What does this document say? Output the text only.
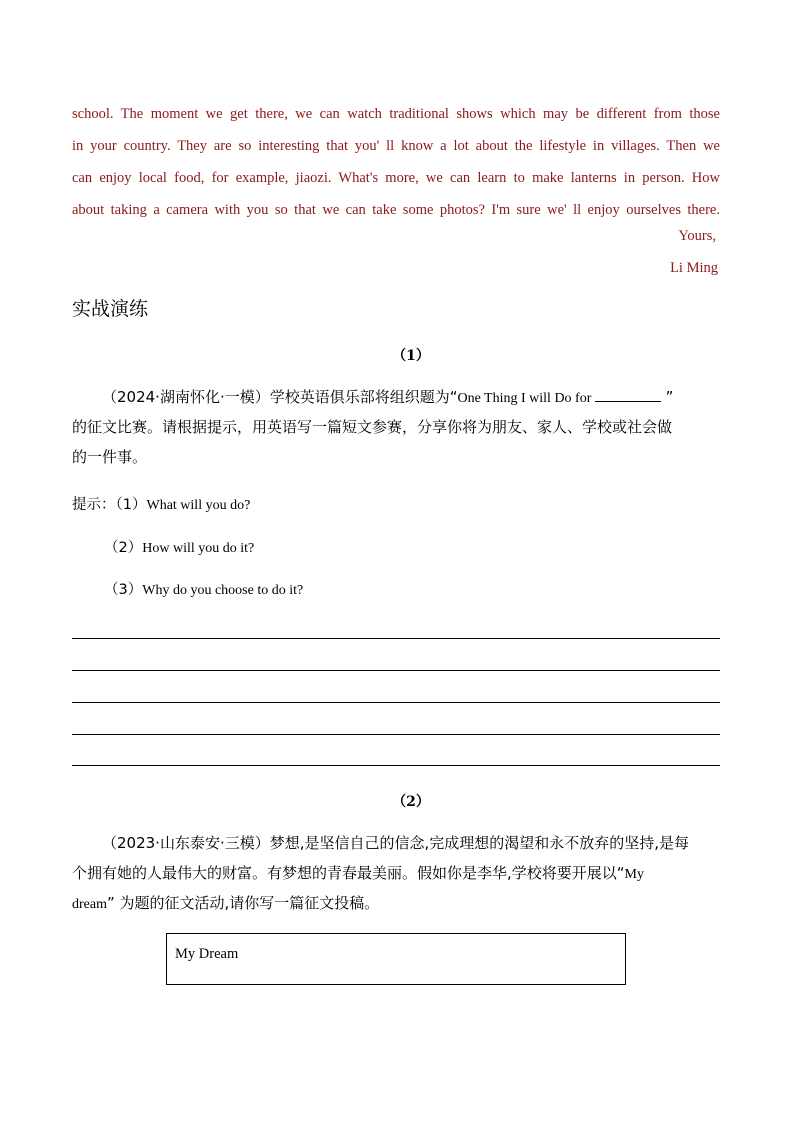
school. The moment we get there, we can watch traditional shows which may be different from those
in your country. They are so interesting that you' ll know a lot about the lifestyle in villages. Then we
can enjoy local food, for example, jiaozi. What's more, we can learn to make lanterns in person. How
about taking a camera with you so that we can take some photos? I'm sure we' ll enjoy ourselves there.
Yours,
Li Ming
实战演练
（1）
（2024·湖南怀化·一模）学校英语俱乐部将组织题为“One Thing I will Do for	”
的征文比赛。请根据提示，用英语写一篇短文参赛，分享你将为朋友、家人、学校或社会做
的一件事。
提示：（1）What will you do?
（2）How will you do it?
（3）Why do you choose to do it?
（2）
（2023·山东泰安·三模）梦想,是坚信自己的信念,完成理想的渴望和永不放弃的坚持,是每
个拥有她的人最伟大的财富。有梦想的青春最美丽。假如你是李华,学校将要开展以“My
dream” 为题的征文活动,请你写一篇征文投稿。
My Dream
